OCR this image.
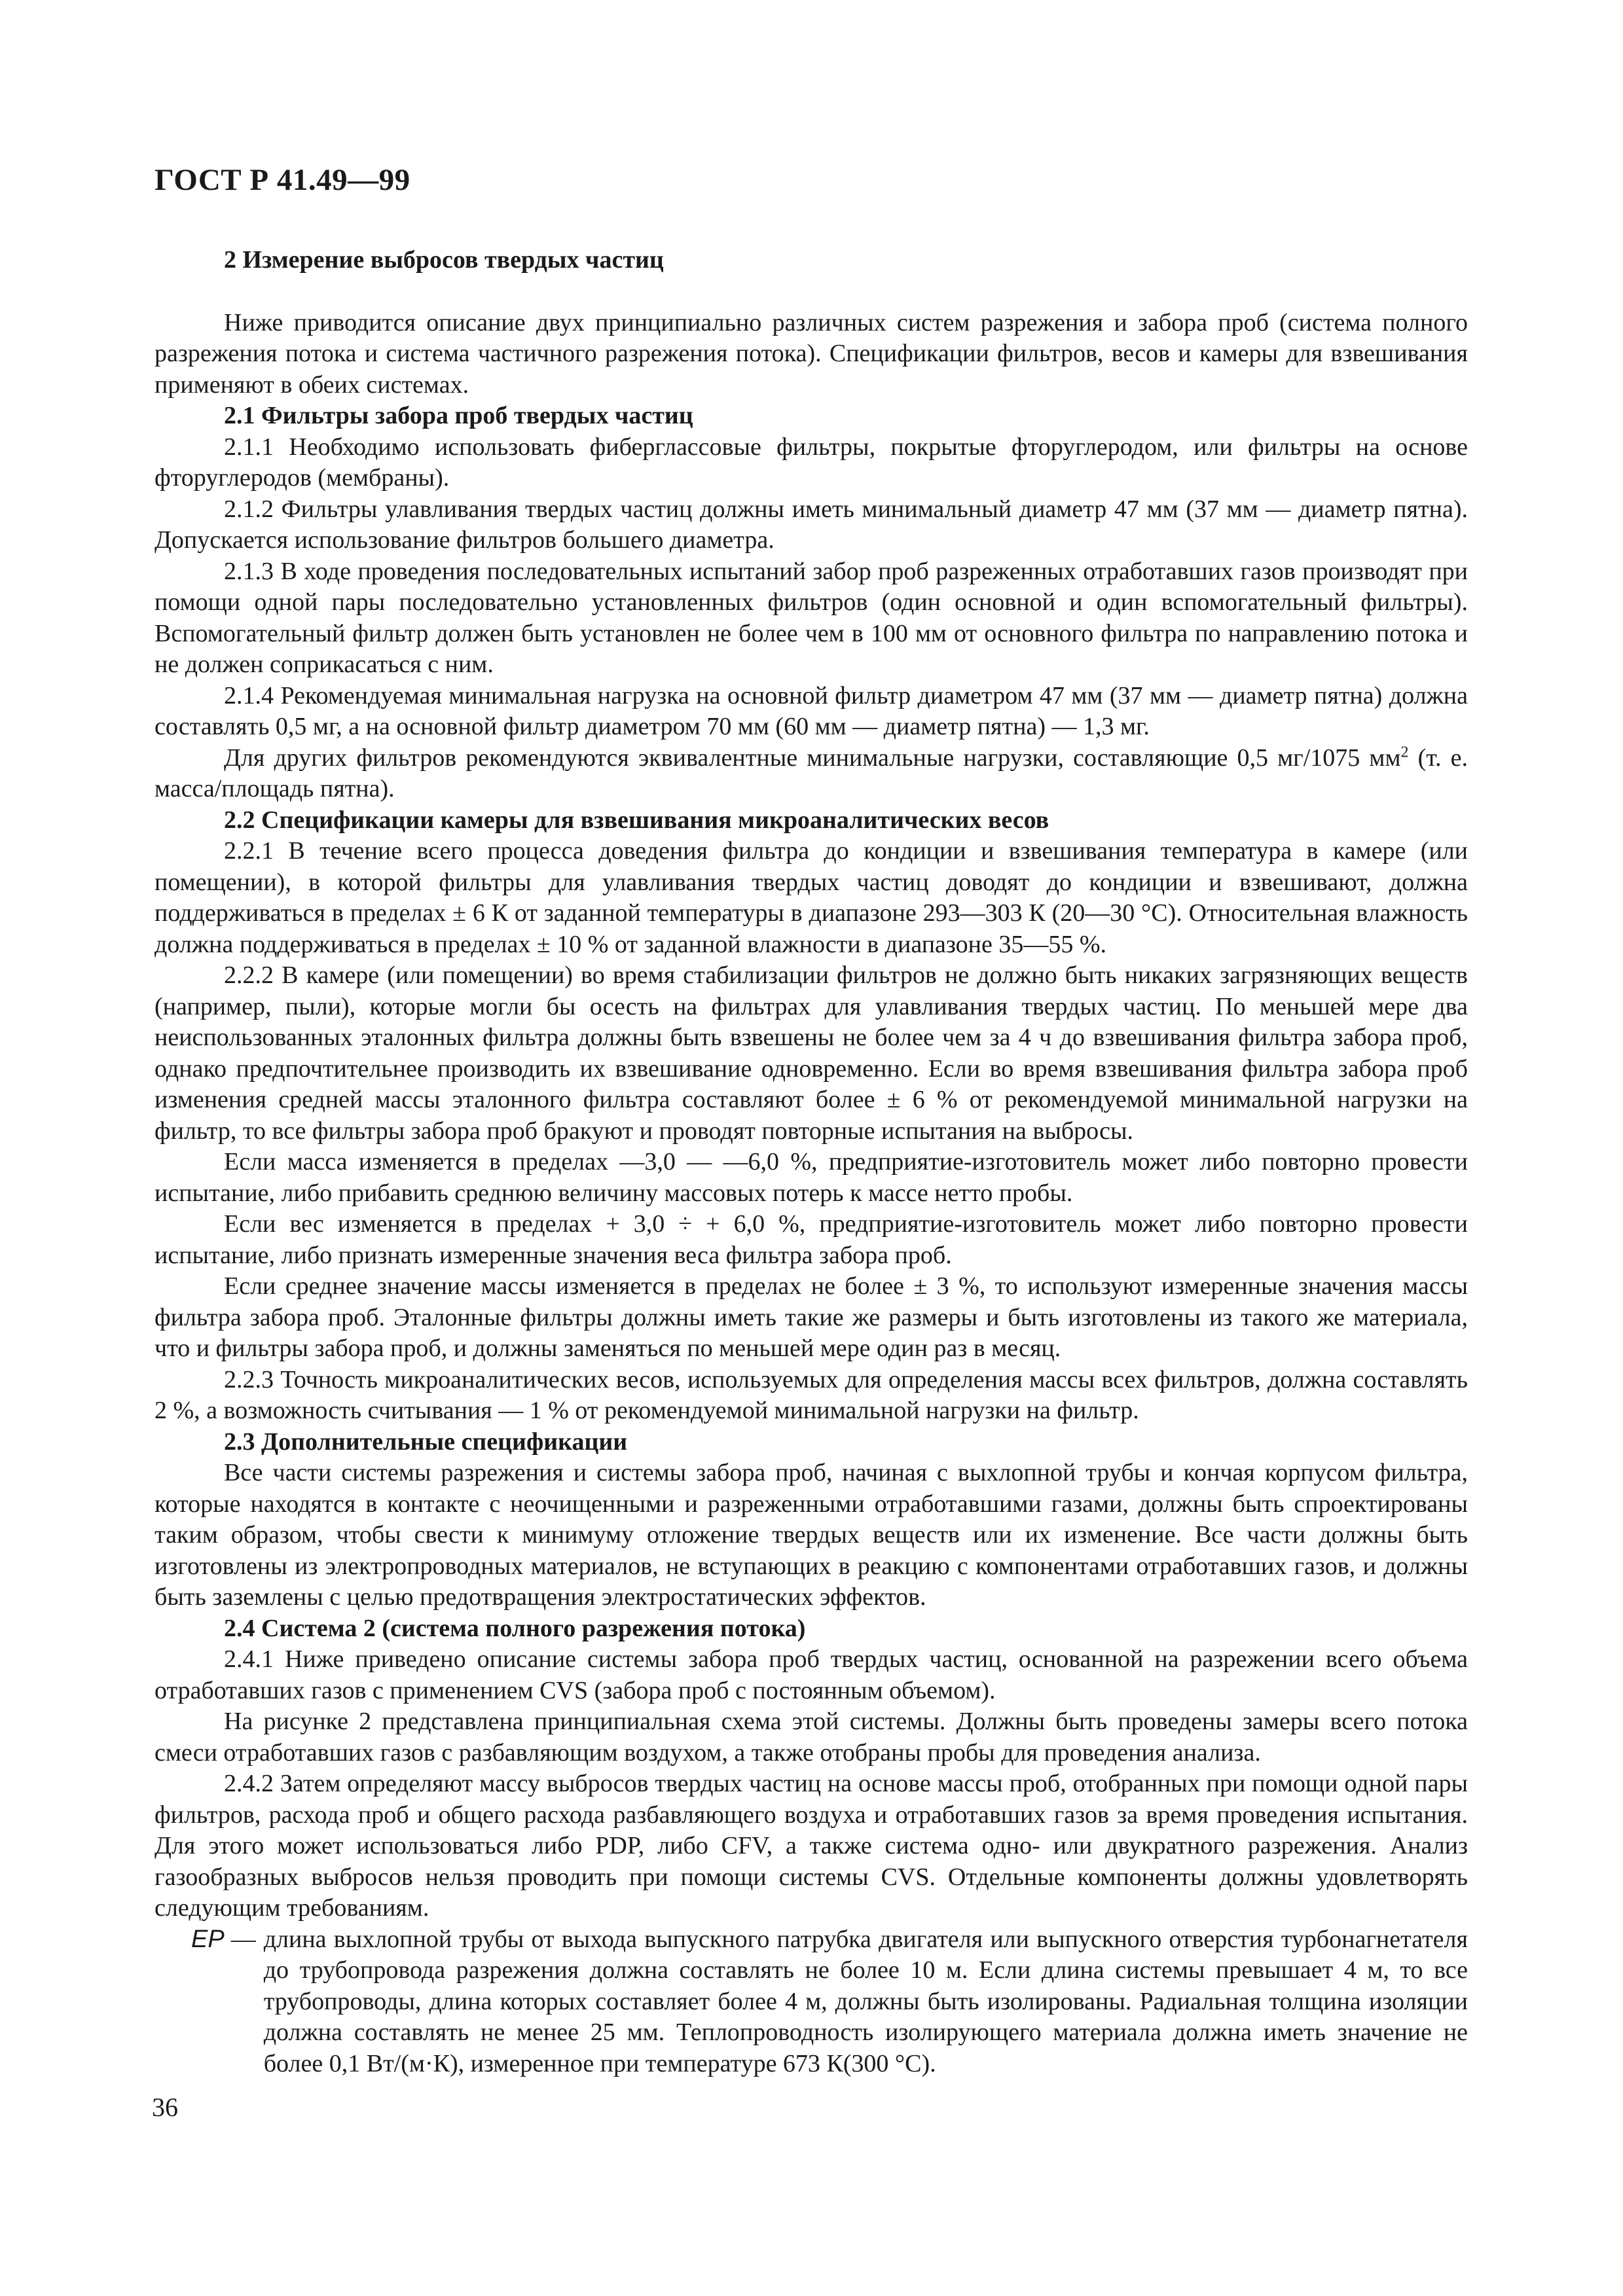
ГОСТ Р 41.49—99

2 Измерение выбросов твердых частиц

Ниже приводится описание двух принципиально различных систем разрежения и забора проб (система полного разрежения потока и система частичного разрежения потока). Спецификации фильтров, весов и камеры для взвешивания применяют в обеих системах.

2.1 Фильтры забора проб твердых частиц

2.1.1 Необходимо использовать фиберглассовые фильтры, покрытые фторуглеродом, или фильтры на основе фторуглеродов (мембраны).

2.1.2 Фильтры улавливания твердых частиц должны иметь минимальный диаметр 47 мм (37 мм — диаметр пятна). Допускается использование фильтров большего диаметра.

2.1.3 В ходе проведения последовательных испытаний забор проб разреженных отработавших газов производят при помощи одной пары последовательно установленных фильтров (один основной и один вспомогательный фильтры). Вспомогательный фильтр должен быть установлен не более чем в 100 мм от основного фильтра по направлению потока и не должен соприкасаться с ним.

2.1.4 Рекомендуемая минимальная нагрузка на основной фильтр диаметром 47 мм (37 мм — диаметр пятна) должна составлять 0,5 мг, а на основной фильтр диаметром 70 мм (60 мм — диаметр пятна) — 1,3 мг.

Для других фильтров рекомендуются эквивалентные минимальные нагрузки, составляющие 0,5 мг/1075 $мм^2$ (т. е. масса/площадь пятна).

2.2 Спецификации камеры для взвешивания микроаналитических весов

2.2.1 В течение всего процесса доведения фильтра до кондиции и взвешивания температура в камере (или помещении), в которой фильтры для улавливания твердых частиц доводят до кондиции и взвешивают, должна поддерживаться в пределах ± 6 К от заданной температуры в диапазоне 293—303 К (20—30 °С). Относительная влажность должна поддерживаться в пределах ± 10 % от заданной влажности в диапазоне 35—55 %.

2.2.2 В камере (или помещении) во время стабилизации фильтров не должно быть никаких загрязняющих веществ (например, пыли), которые могли бы осесть на фильтрах для улавливания твердых частиц. По меньшей мере два неиспользованных эталонных фильтра должны быть взвешены не более чем за 4 ч до взвешивания фильтра забора проб, однако предпочтительнее производить их взвешивание одновременно. Если во время взвешивания фильтра забора проб изменения средней массы эталонного фильтра составляют более ± 6 % от рекомендуемой минимальной нагрузки на фильтр, то все фильтры забора проб бракуют и проводят повторные испытания на выбросы.

Если масса изменяется в пределах —3,0 — —6,0 %, предприятие-изготовитель может либо повторно провести испытание, либо прибавить среднюю величину массовых потерь к массе нетто пробы.

Если вес изменяется в пределах + 3,0 ÷ + 6,0 %, предприятие-изготовитель может либо повторно провести испытание, либо признать измеренные значения веса фильтра забора проб.

Если среднее значение массы изменяется в пределах не более ± 3 %, то используют измеренные значения массы фильтра забора проб. Эталонные фильтры должны иметь такие же размеры и быть изготовлены из такого же материала, что и фильтры забора проб, и должны заменяться по меньшей мере один раз в месяц.

2.2.3 Точность микроаналитических весов, используемых для определения массы всех фильтров, должна составлять 2 %, а возможность считывания — 1 % от рекомендуемой минимальной нагрузки на фильтр.

2.3 Дополнительные спецификации

Все части системы разрежения и системы забора проб, начиная с выхлопной трубы и кончая корпусом фильтра, которые находятся в контакте с неочищенными и разреженными отработавшими газами, должны быть спроектированы таким образом, чтобы свести к минимуму отложение твердых веществ или их изменение. Все части должны быть изготовлены из электропроводных материалов, не вступающих в реакцию с компонентами отработавших газов, и должны быть заземлены с целью предотвращения электростатических эффектов.

2.4 Система 2 (система полного разрежения потока)

2.4.1 Ниже приведено описание системы забора проб твердых частиц, основанной на разрежении всего объема отработавших газов с применением CVS (забора проб с постоянным объемом).

На рисунке 2 представлена принципиальная схема этой системы. Должны быть проведены замеры всего потока смеси отработавших газов с разбавляющим воздухом, а также отобраны пробы для проведения анализа.

2.4.2 Затем определяют массу выбросов твердых частиц на основе массы проб, отобранных при помощи одной пары фильтров, расхода проб и общего расхода разбавляющего воздуха и отработавших газов за время проведения испытания. Для этого может использоваться либо PDP, либо CFV, а также система одно- или двукратного разрежения. Анализ газообразных выбросов нельзя проводить при помощи системы CVS. Отдельные компоненты должны удовлетворять следующим требованиям.

EP — длина выхлопной трубы от выхода выпускного патрубка двигателя или выпускного отверстия турбонагнетателя до трубопровода разрежения должна составлять не более 10 м. Если длина системы превышает 4 м, то все трубопроводы, длина которых составляет более 4 м, должны быть изолированы. Радиальная толщина изоляции должна составлять не менее 25 мм. Теплопроводность изолирующего материала должна иметь значение не более 0,1 Вт/(м·К), измеренное при температуре 673 К(300 °С).
36
